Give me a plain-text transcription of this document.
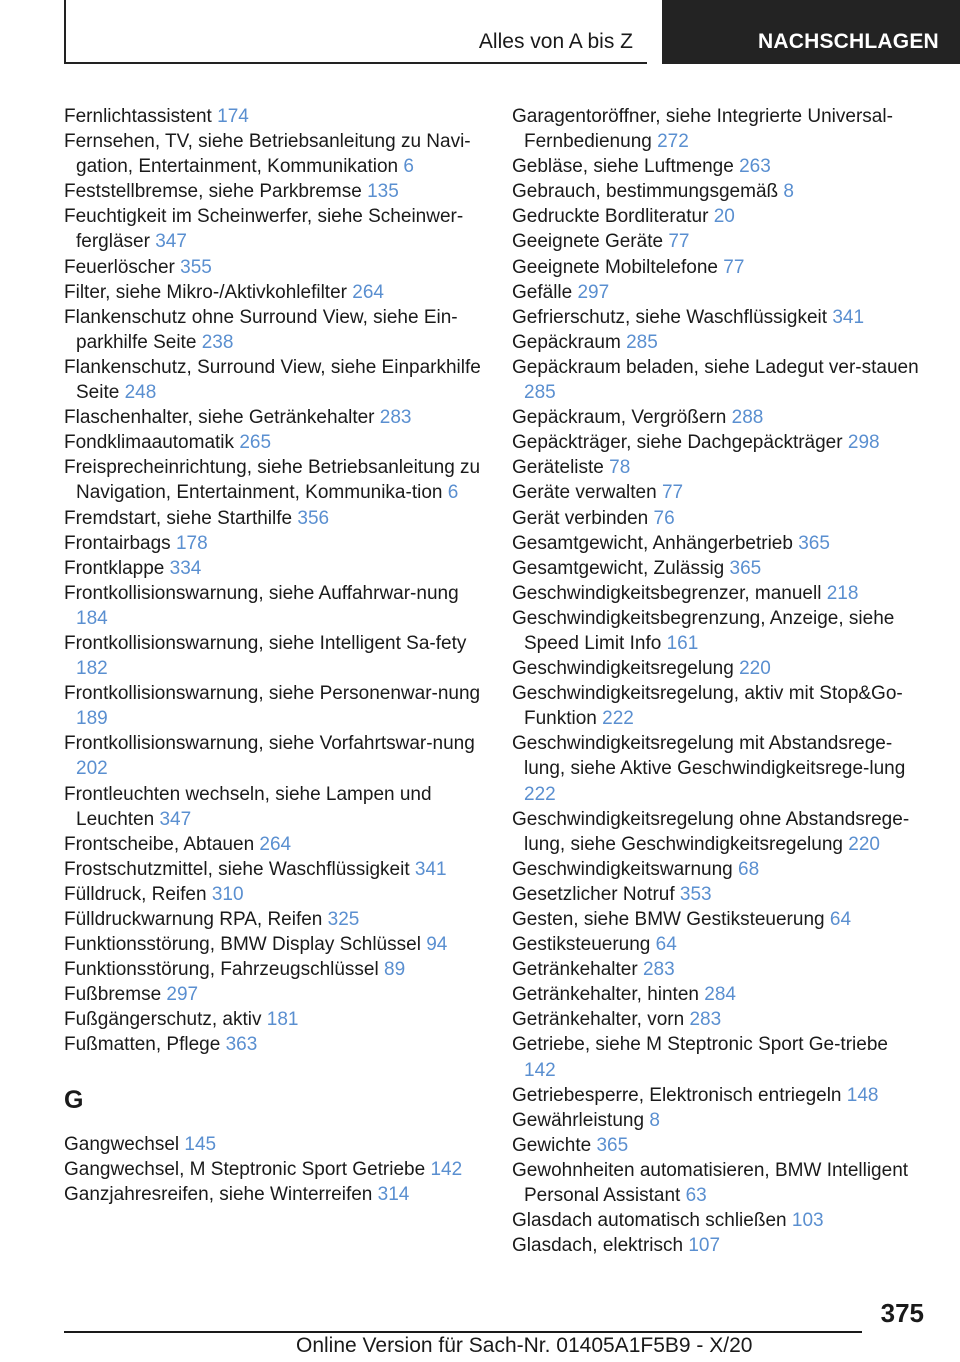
Alles von A bis Z	NACHSCHLAGEN
Fernlichtassistent 174
Fernsehen, TV, siehe Betriebsanleitung zu Navi-gation, Entertainment, Kommunikation 6
Feststellbremse, siehe Parkbremse 135
Feuchtigkeit im Scheinwerfer, siehe Scheinwer-ferglӓser 347
Feuerlöscher 355
Filter, siehe Mikro-/Aktivkohlefilter 264
Flankenschutz ohne Surround View, siehe Ein-parkhilfe Seite 238
Flankenschutz, Surround View, siehe Einparkhilfe Seite 248
Flaschenhalter, siehe Getränkehalter 283
Fondklimaautomatik 265
Freisprecheinrichtung, siehe Betriebsanleitung zu Navigation, Entertainment, Kommunika-tion 6
Fremdstart, siehe Starthilfe 356
Frontairbags 178
Frontklappe 334
Frontkollisionswarnung, siehe Auffahrwar-nung 184
Frontkollisionswarnung, siehe Intelligent Sa-fety 182
Frontkollisionswarnung, siehe Personenwar-nung 189
Frontkollisionswarnung, siehe Vorfahrtswar-nung 202
Frontleuchten wechseln, siehe Lampen und Leuchten 347
Frontscheibe, Abtauen 264
Frostschutzmittel, siehe Waschflüssigkeit 341
Fülldruck, Reifen 310
Fülldruckwarnung RPA, Reifen 325
Funktionsstörung, BMW Display Schlüssel 94
Funktionsstörung, Fahrzeugschlüssel 89
Fußbremse 297
Fußgängerschutz, aktiv 181
Fußmatten, Pflege 363
G
Gangwechsel 145
Gangwechsel, M Steptronic Sport Getriebe 142
Ganzjahresreifen, siehe Winterreifen 314
Garagentoröffner, siehe Integrierte Universal-Fernbedienung 272
Gebläse, siehe Luftmenge 263
Gebrauch, bestimmungsgemäß 8
Gedruckte Bordliteratur 20
Geeignete Geräte 77
Geeignete Mobiltelefone 77
Gefälle 297
Gefrierschutz, siehe Waschflüssigkeit 341
Gepäckraum 285
Gepäckraum beladen, siehe Ladegut ver-stauen 285
Gepäckraum, Vergrößern 288
Gepäckträger, siehe Dachgepäckträger 298
Geräteliste 78
Geräte verwalten 77
Gerät verbinden 76
Gesamtgewicht, Anhängerbetrieb 365
Gesamtgewicht, Zulässig 365
Geschwindigkeitsbegrenzer, manuell 218
Geschwindigkeitsbegrenzung, Anzeige, siehe Speed Limit Info 161
Geschwindigkeitsregelung 220
Geschwindigkeitsregelung, aktiv mit Stop&Go-Funktion 222
Geschwindigkeitsregelung mit Abstandsrege-lung, siehe Aktive Geschwindigkeitsrege-lung 222
Geschwindigkeitsregelung ohne Abstandsrege-lung, siehe Geschwindigkeitsregelung 220
Geschwindigkeitswarnung 68
Gesetzlicher Notruf 353
Gesten, siehe BMW Gestiksteuerung 64
Gestiksteuerung 64
Getränkehalter 283
Getränkehalter, hinten 284
Getränkehalter, vorn 283
Getriebe, siehe M Steptronic Sport Ge-triebe 142
Getriebesperre, Elektronisch entriegeln 148
Gewährleistung 8
Gewichte 365
Gewohnheiten automatisieren, BMW Intelligent Personal Assistant 63
Glasdach automatisch schließen 103
Glasdach, elektrisch 107
375
Online Version für Sach-Nr. 01405A1F5B9 - X/20
